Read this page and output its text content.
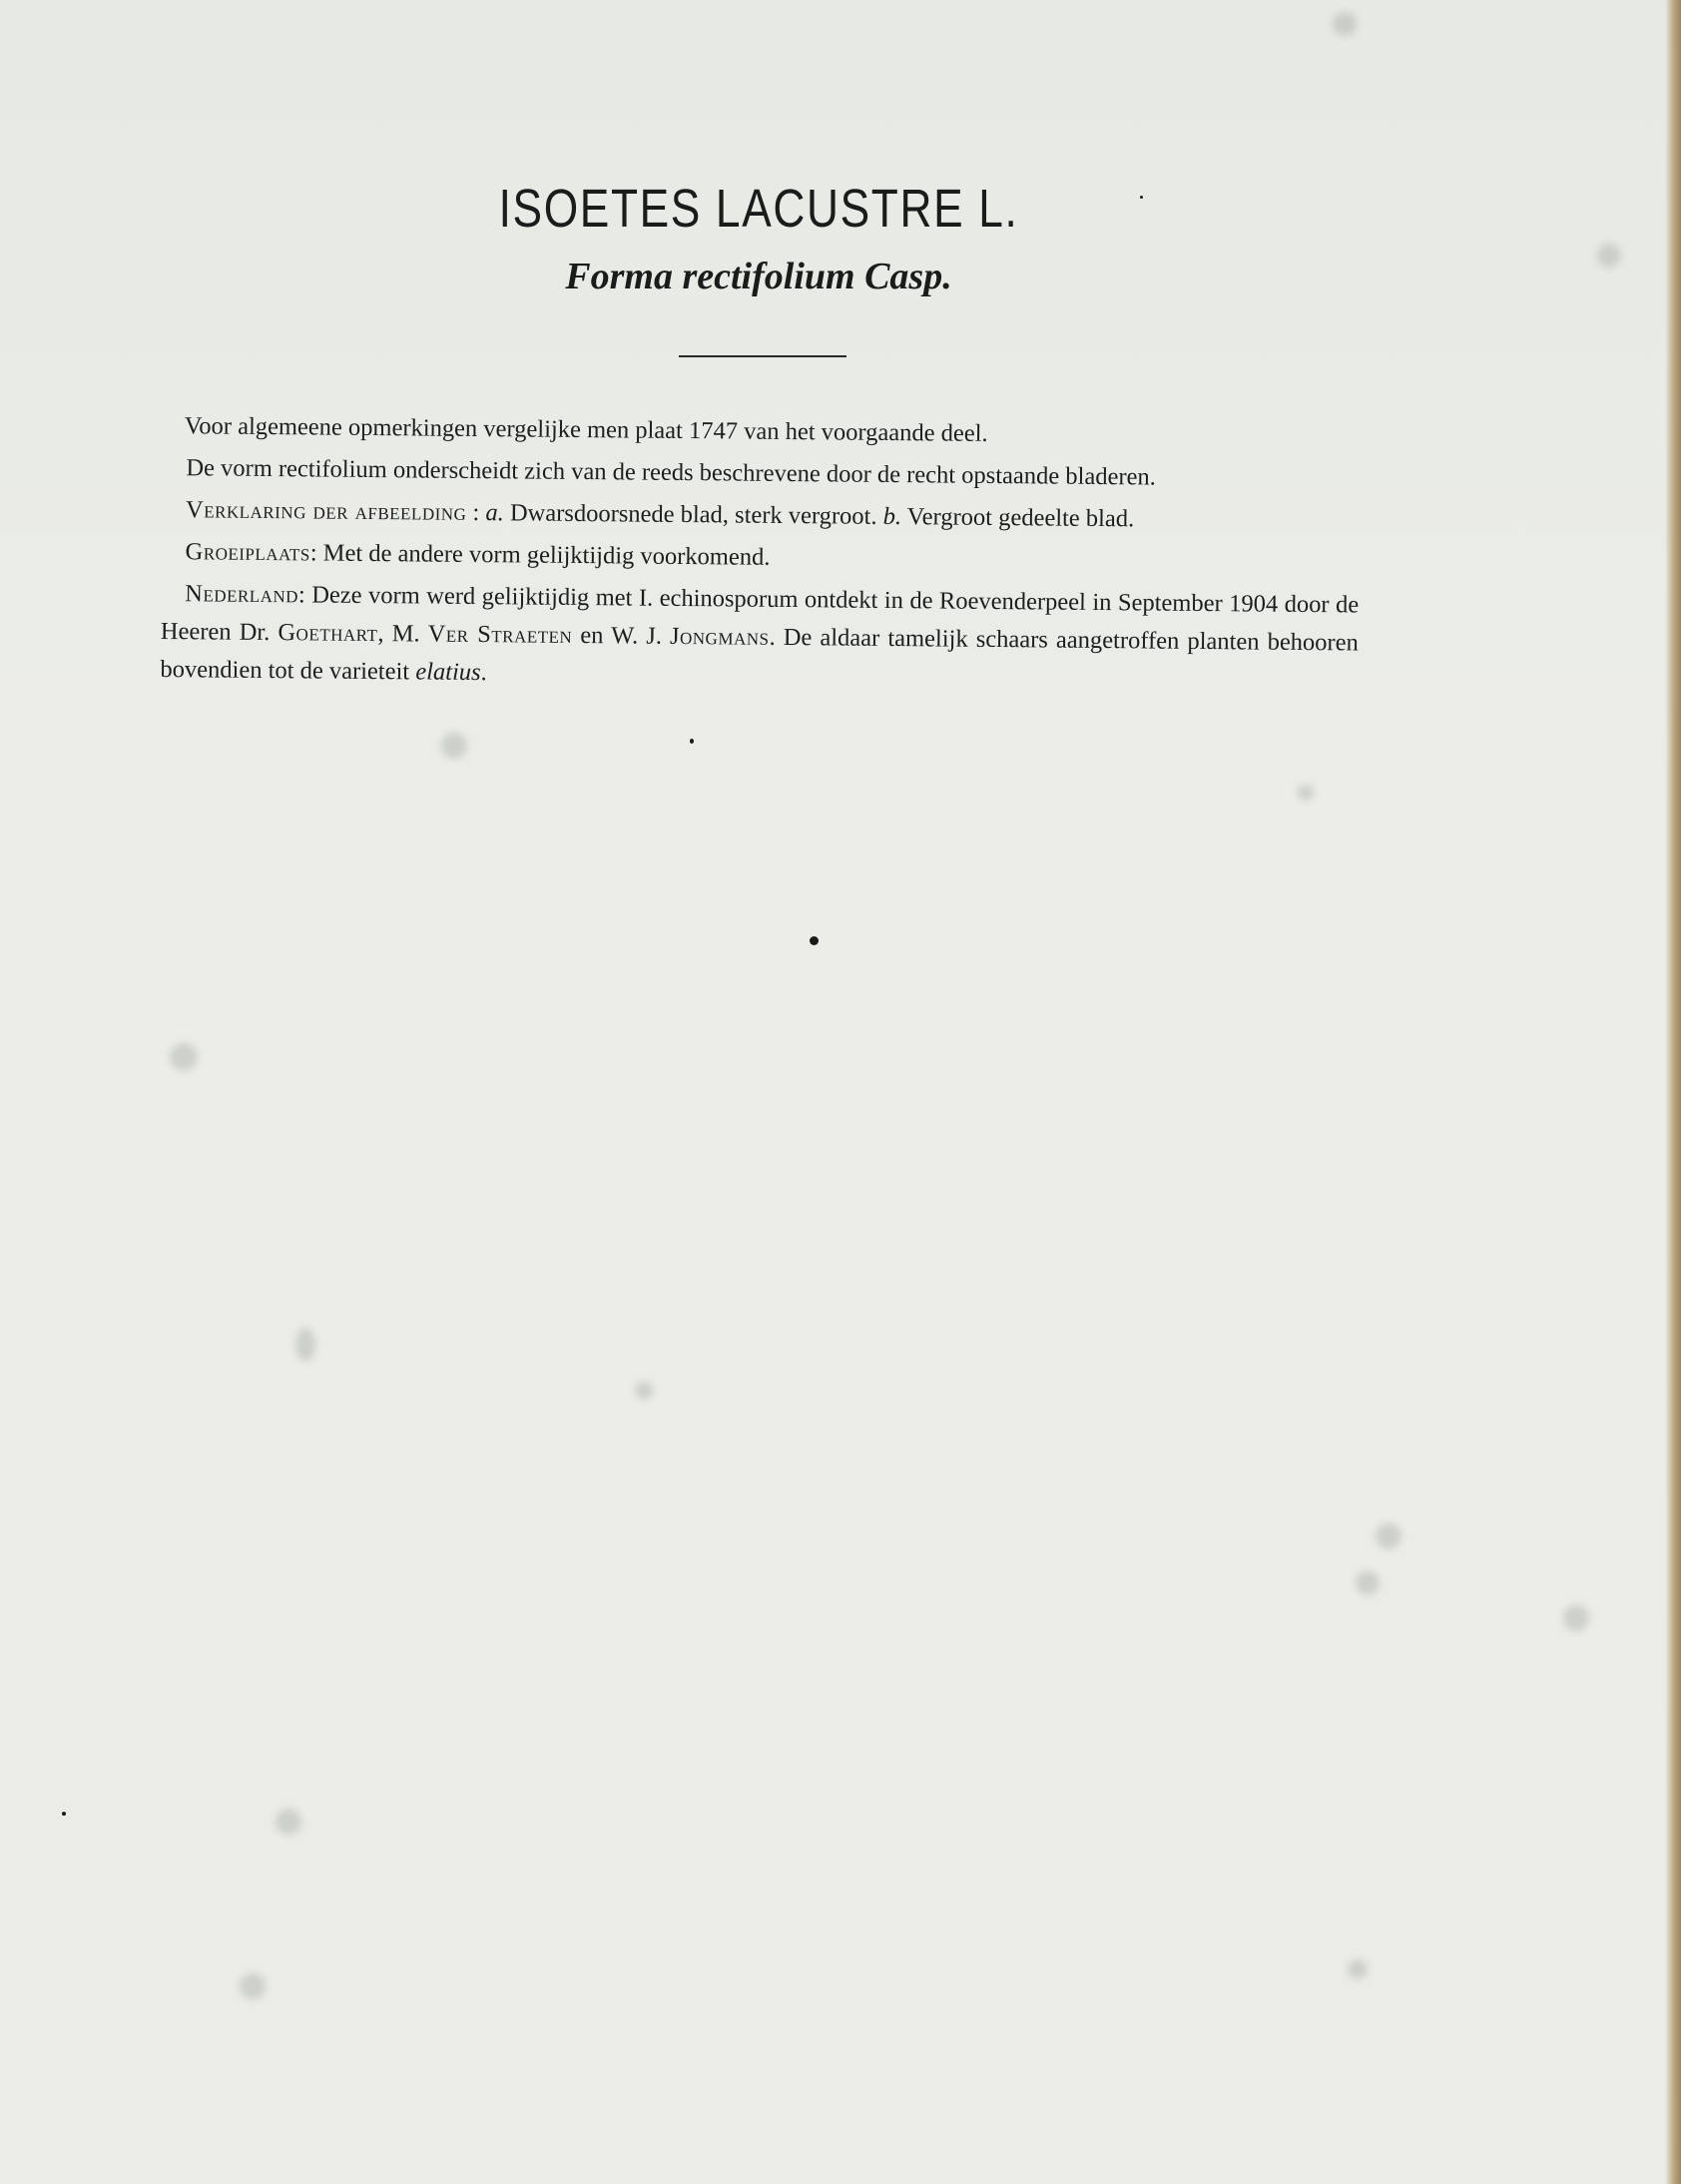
ISOETES LACUSTRE L.
Forma rectifolium Casp.

Voor algemeene opmerkingen vergelijke men plaat 1747 van het voorgaande deel.

De vorm rectifolium onderscheidt zich van de reeds beschrevene door de recht opstaande bladeren.

Verklaring der afbeelding : a. Dwarsdoorsnede blad, sterk vergroot. b. Vergroot gedeelte blad.

Groeiplaats: Met de andere vorm gelijktijdig voorkomend.

Nederland: Deze vorm werd gelijktijdig met I. echinosporum ontdekt in de Roevenderpeel in September 1904 door de Heeren Dr. Goethart, M. Ver Straeten en W. J. Jongmans. De aldaar tamelijk schaars aangetroffen planten behooren bovendien tot de varieteit elatius.
